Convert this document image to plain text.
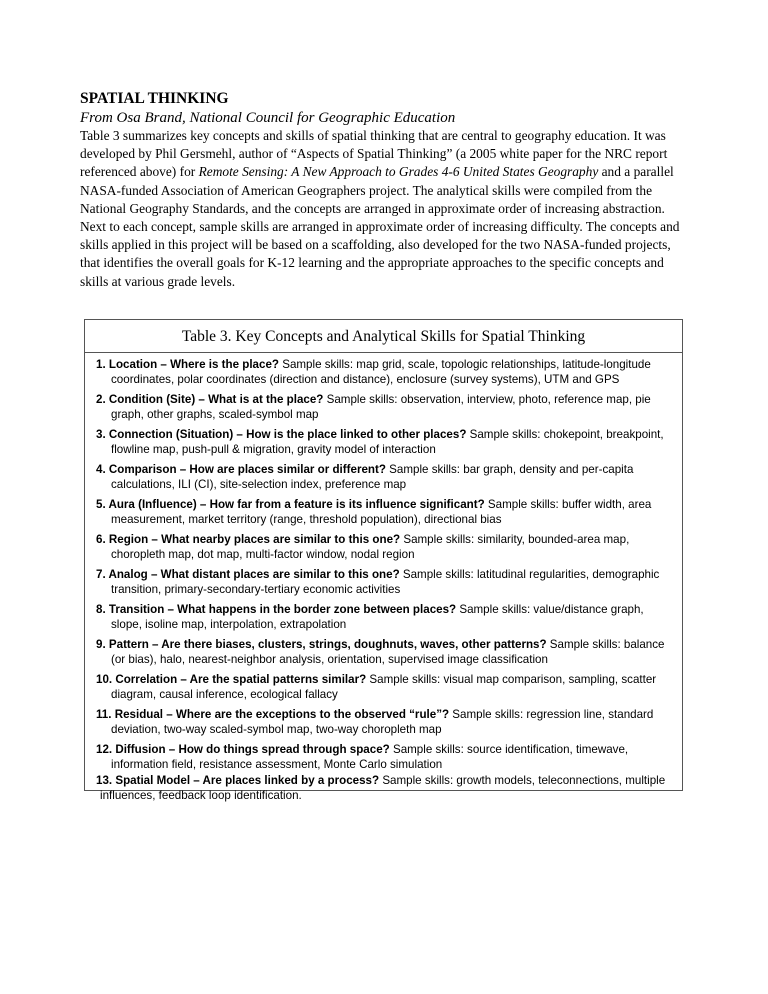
SPATIAL THINKING
From Osa Brand, National Council for Geographic Education
Table 3 summarizes key concepts and skills of spatial thinking that are central to geography education. It was developed by Phil Gersmehl, author of “Aspects of Spatial Thinking” (a 2005 white paper for the NRC report referenced above) for Remote Sensing: A New Approach to Grades 4-6 United States Geography and a parallel NASA-funded Association of American Geographers project. The analytical skills were compiled from the National Geography Standards, and the concepts are arranged in approximate order of increasing abstraction. Next to each concept, sample skills are arranged in approximate order of increasing difficulty. The concepts and skills applied in this project will be based on a scaffolding, also developed for the two NASA-funded projects, that identifies the overall goals for K-12 learning and the appropriate approaches to the specific concepts and skills at various grade levels.
Table 3. Key Concepts and Analytical Skills for Spatial Thinking
1. Location – Where is the place? Sample skills: map grid, scale, topologic relationships, latitude-longitude coordinates, polar coordinates (direction and distance), enclosure (survey systems), UTM and GPS
2. Condition (Site) – What is at the place? Sample skills: observation, interview, photo, reference map, pie graph, other graphs, scaled-symbol map
3. Connection (Situation) – How is the place linked to other places? Sample skills: chokepoint, breakpoint, flowline map, push-pull & migration, gravity model of interaction
4. Comparison – How are places similar or different? Sample skills: bar graph, density and per-capita calculations, ILI (CI), site-selection index, preference map
5. Aura (Influence) – How far from a feature is its influence significant? Sample skills: buffer width, area measurement, market territory (range, threshold population), directional bias
6. Region – What nearby places are similar to this one? Sample skills: similarity, bounded-area map, choropleth map, dot map, multi-factor window, nodal region
7. Analog – What distant places are similar to this one? Sample skills: latitudinal regularities, demographic transition, primary-secondary-tertiary economic activities
8. Transition – What happens in the border zone between places? Sample skills: value/distance graph, slope, isoline map, interpolation, extrapolation
9. Pattern – Are there biases, clusters, strings, doughnuts, waves, other patterns? Sample skills: balance (or bias), halo, nearest-neighbor analysis, orientation, supervised image classification
10. Correlation – Are the spatial patterns similar? Sample skills: visual map comparison, sampling, scatter diagram, causal inference, ecological fallacy
11. Residual – Where are the exceptions to the observed “rule”? Sample skills: regression line, standard deviation, two-way scaled-symbol map, two-way choropleth map
12. Diffusion – How do things spread through space? Sample skills: source identification, timewave, information field, resistance assessment, Monte Carlo simulation
13. Spatial Model – Are places linked by a process? Sample skills: growth models, teleconnections, multiple influences, feedback loop identification.
